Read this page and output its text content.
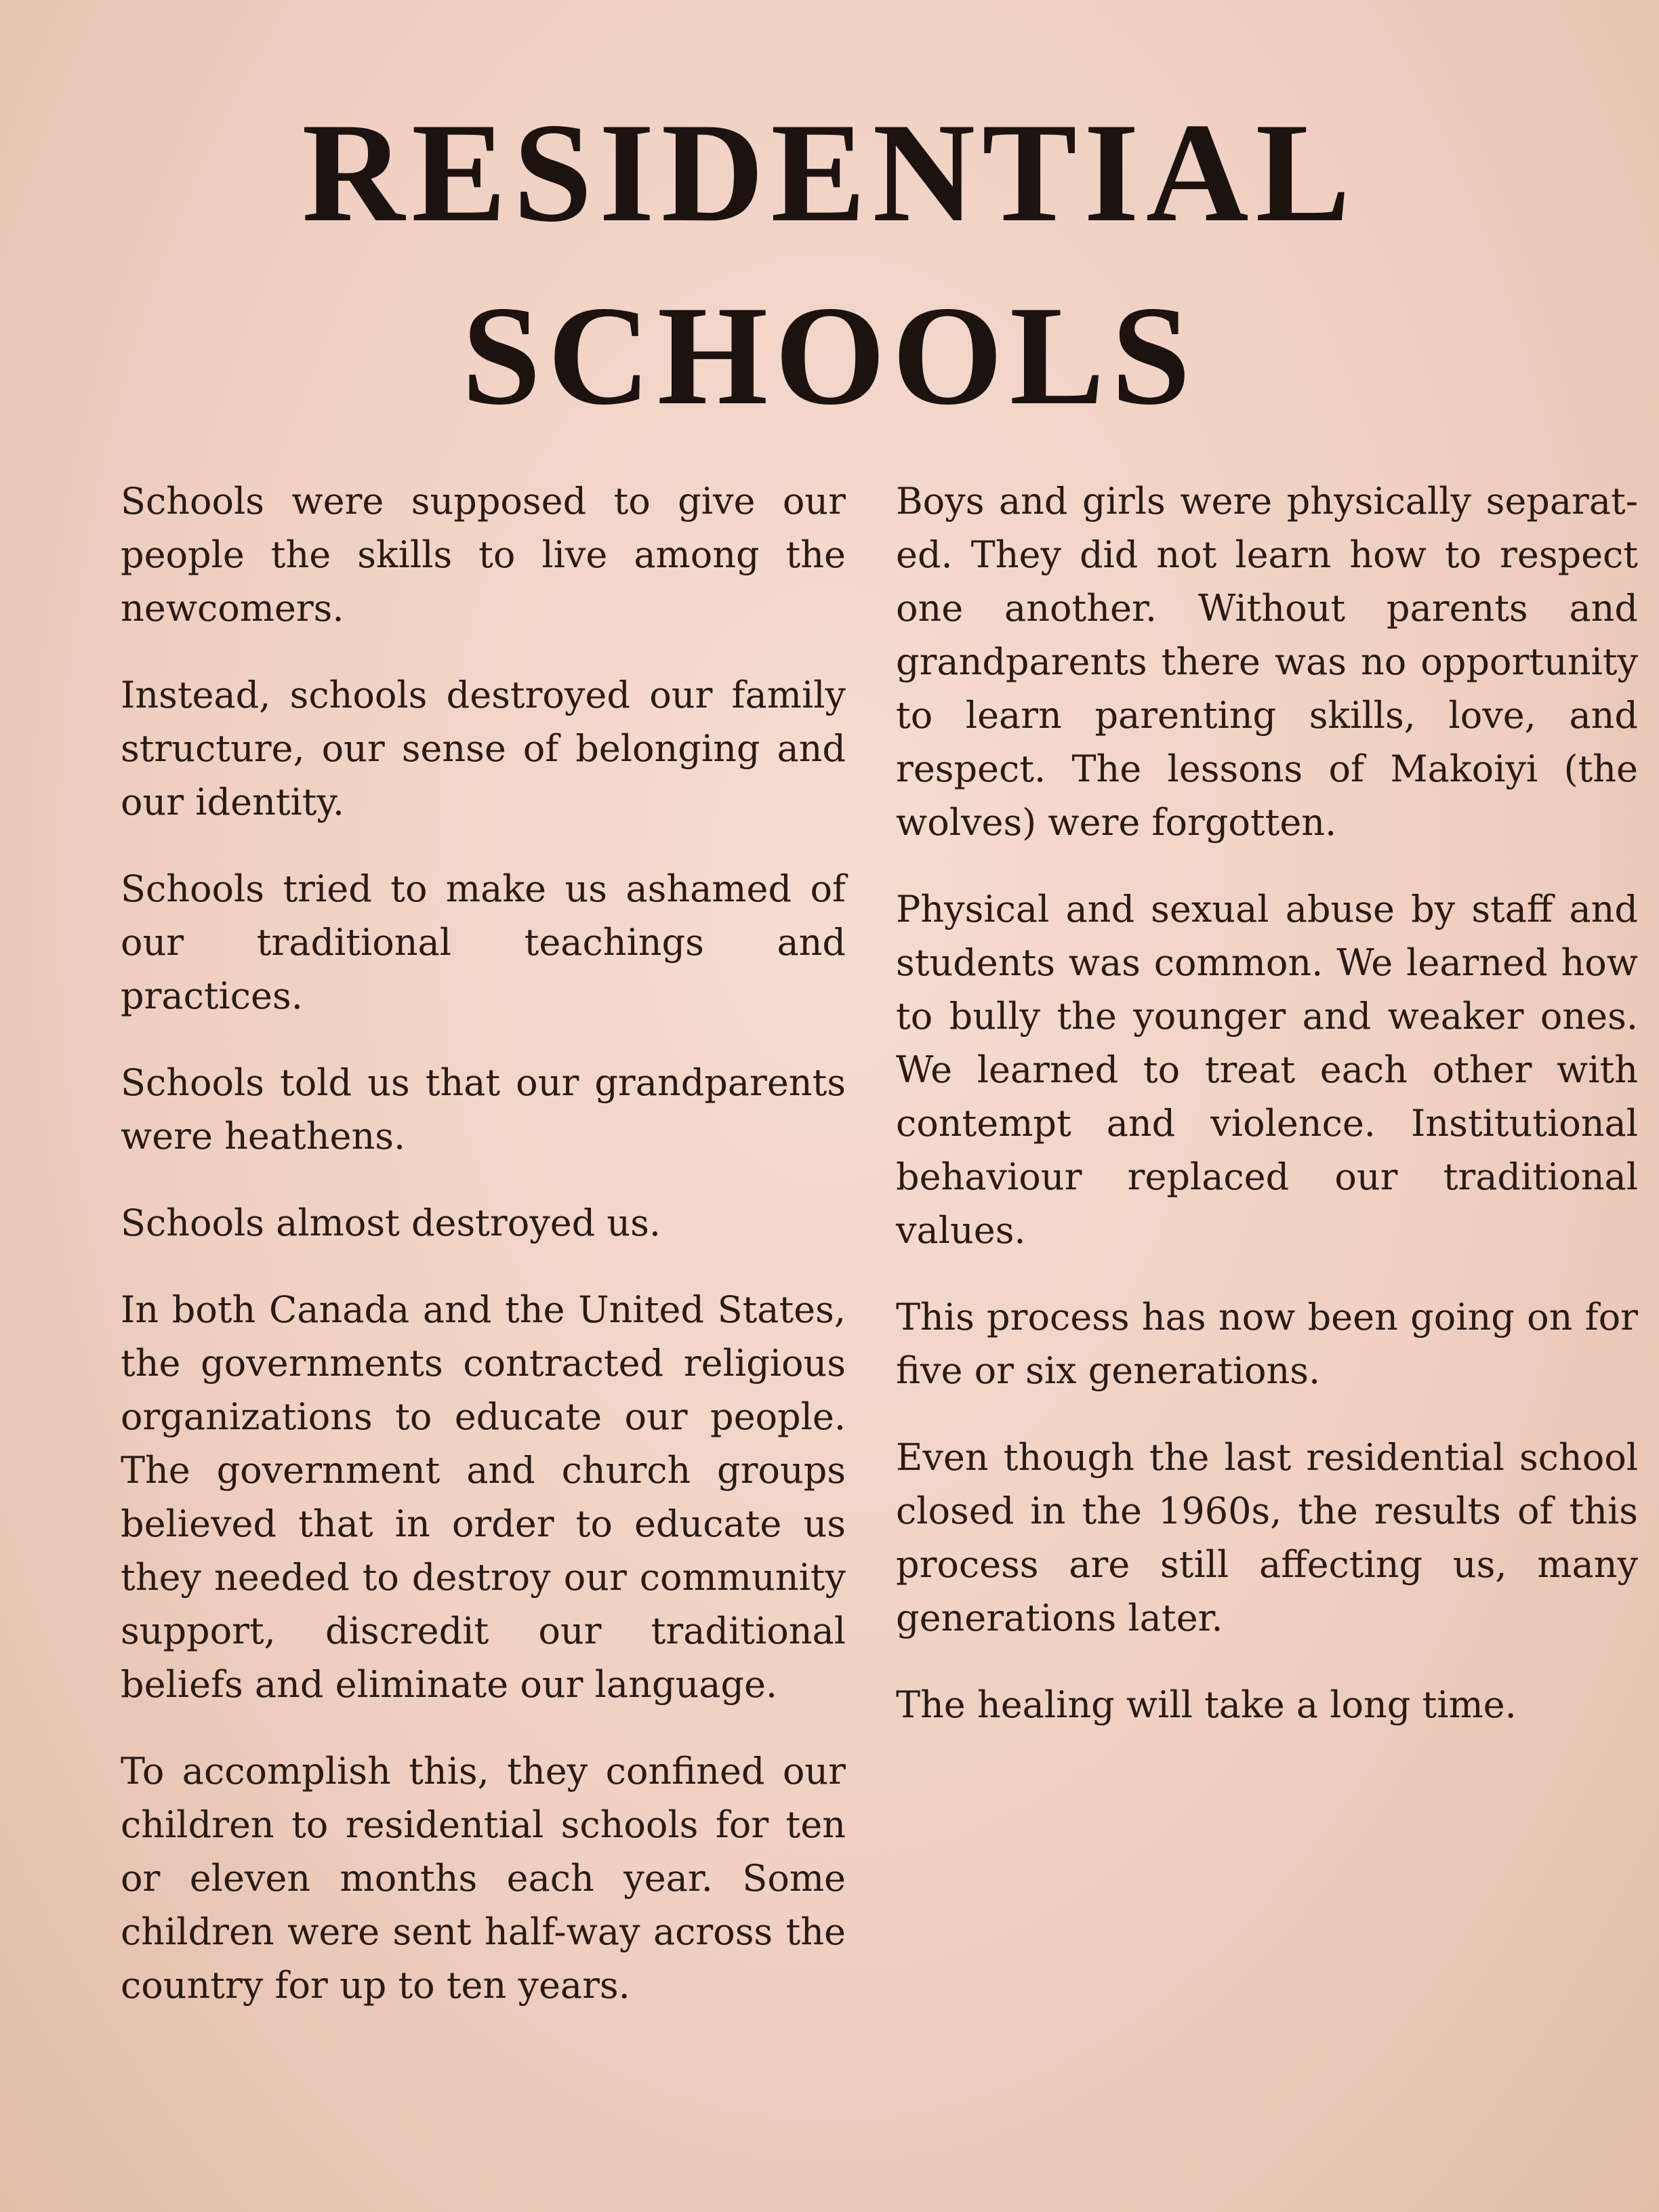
RESIDENTIAL
SCHOOLS

Schools were supposed to give our people the skills to live among the newcomers.

Instead, schools destroyed our family structure, our sense of belonging and our identity.

Schools tried to make us ashamed of our traditional teachings and practices.

Schools told us that our grandparents were heathens.

Schools almost destroyed us.

In both Canada and the United States, the governments contracted religious organizations to educate our people. The government and church groups believed that in order to educate us they needed to destroy our community support, discredit our traditional beliefs and eliminate our language.

To accomplish this, they confined our children to residential schools for ten or eleven months each year. Some children were sent half-way across the country for up to ten years.

Boys and girls were physically separat-ed. They did not learn how to respect one another. Without parents and grandparents there was no opportunity to learn parenting skills, love, and respect. The lessons of Makoiyi (the wolves) were forgotten.

Physical and sexual abuse by staff and students was common. We learned how to bully the younger and weaker ones. We learned to treat each other with contempt and violence. Institutional behaviour replaced our traditional values.

This process has now been going on for five or six generations.

Even though the last residential school closed in the 1960s, the results of this process are still affecting us, many generations later.

The healing will take a long time.
